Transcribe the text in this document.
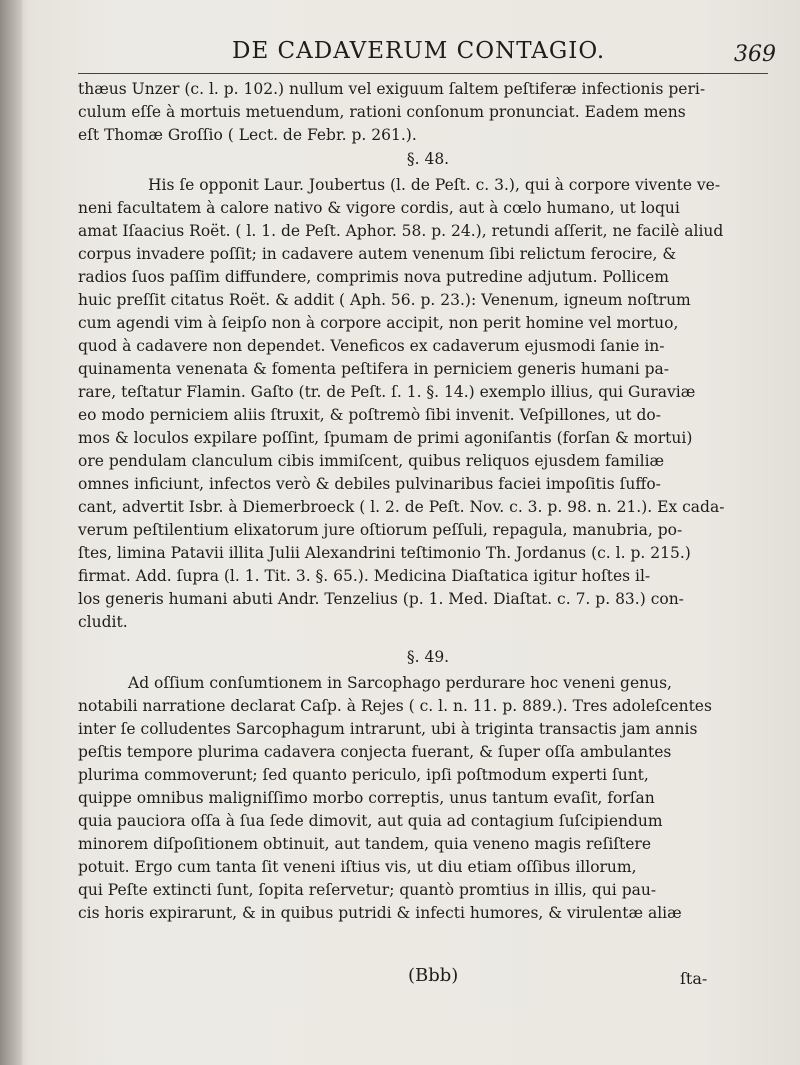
DE CADAVERUM CONTAGIO.	369
thæus Unzer (c. l. p. 102.) nullum vel exiguum ſaltem peſtiferæ infectionis peri-
culum eſſe à mortuis metuendum, rationi conſonum pronunciat. Eadem mens
eſt Thomæ Groſſio ( Lect. de Febr. p. 261.).
§. 48.
His ſe opponit Laur. Joubertus (l. de Peſt. c. 3.), qui à corpore vivente ve-
neni facultatem à calore nativo & vigore cordis, aut à cœlo humano, ut loqui
amat Iſaacius Roët. ( l. 1. de Peſt. Aphor. 58. p. 24.), retundi aſſerit, ne facilè aliud
corpus invadere poſſit; in cadavere autem venenum ſibi relictum ferocire, &
radios ſuos paſſim diffundere, comprimis nova putredine adjutum. Pollicem
huic preſſit citatus Roët. & addit ( Aph. 56. p. 23.): Venenum, igneum noſtrum
cum agendi vim à ſeipſo non à corpore accipit, non perit homine vel mortuo,
quod à cadavere non dependet. Veneficos ex cadaverum ejusmodi ſanie in-
quinamenta venenata & fomenta peſtifera in perniciem generis humani pa-
rare, teſtatur Flamin. Gaſto (tr. de Peſt. ſ. 1. §. 14.) exemplo illius, qui Guraviæ
eo modo perniciem aliis ſtruxit, & poſtremò ſibi invenit. Veſpillones, ut do-
mos & loculos expilare poſſint, ſpumam de primi agoniſantis (forſan & mortui)
ore pendulam clanculum cibis immiſcent, quibus reliquos ejusdem familiæ
omnes inficiunt, infectos verò & debiles pulvinaribus faciei impoſitis ſuffo-
cant, advertit Isbr. à Diemerbroeck ( l. 2. de Peſt. Nov. c. 3. p. 98. n. 21.). Ex cada-
verum peſtilentium elixatorum jure oſtiorum peſſuli, repagula, manubria, po-
ſtes, limina Patavii illita Julii Alexandrini teſtimonio Th. Jordanus (c. l. p. 215.)
firmat. Add. ſupra (l. 1. Tit. 3. §. 65.). Medicina Diaſtatica igitur hoſtes il-
los generis humani abuti Andr. Tenzelius (p. 1. Med. Diaſtat. c. 7. p. 83.) con-
cludit.
§. 49.
Ad oſſium conſumtionem in Sarcophago perdurare hoc veneni genus,
notabili narratione declarat Caſp. à Rejes ( c. l. n. 11. p. 889.). Tres adoleſcentes
inter ſe colludentes Sarcophagum intrarunt, ubi à triginta transactis jam annis
peſtis tempore plurima cadavera conjecta fuerant, & ſuper oſſa ambulantes
plurima commoverunt; ſed quanto periculo, ipſi poſtmodum experti ſunt,
quippe omnibus maligniſſimo morbo correptis, unus tantum evaſit, forſan
quia pauciora oſſa à ſua ſede dimovit, aut quia ad contagium ſuſcipiendum
minorem diſpoſitionem obtinuit, aut tandem, quia veneno magis reſiſtere
potuit. Ergo cum tanta ſit veneni iſtius vis, ut diu etiam oſſibus illorum,
qui Peſte extincti ſunt, ſopita reſervetur; quantò promtius in illis, qui pau-
cis horis expirarunt, & in quibus putridi & infecti humores, & virulentæ aliæ
(Bbb)	ſta-
